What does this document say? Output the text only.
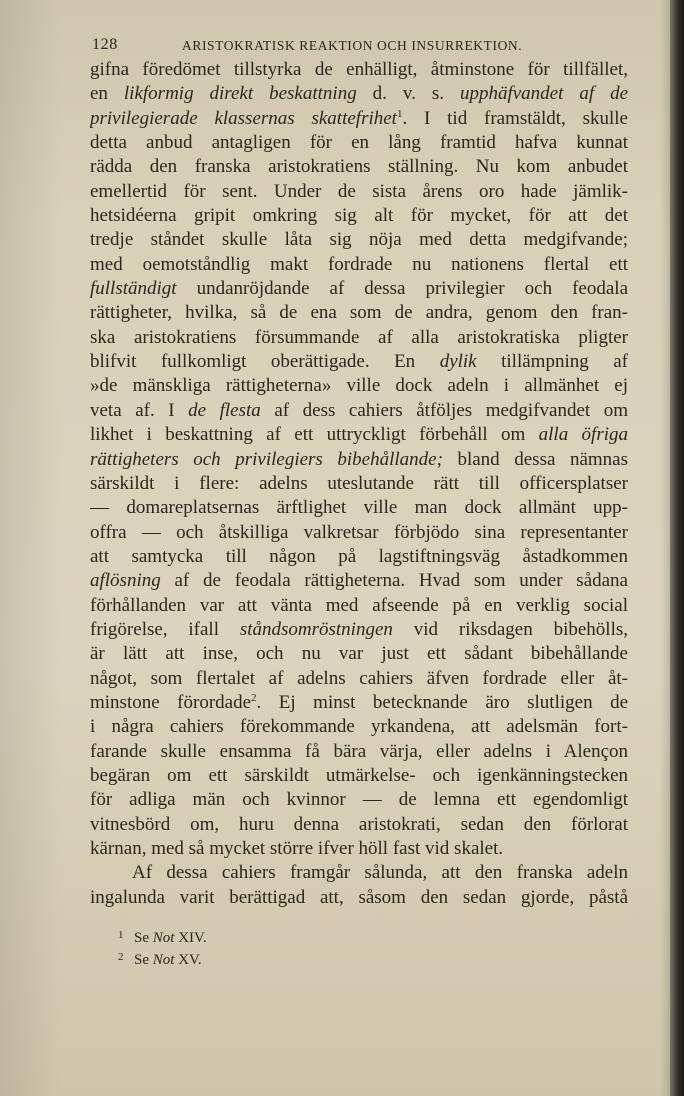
128	ARISTOKRATISK REAKTION OCH INSURREKTION.
gifna föredömet tillstyrka de enhälligt, åtminstone för tillfället,
en likformig direkt beskattning d. v. s. upphäfvandet af de
privilegierade klassernas skattefrihet$^1$. I tid framstäldt, skulle
detta anbud antagligen för en lång framtid hafva kunnat
rädda den franska aristokratiens ställning. Nu kom anbudet
emellertid för sent. Under de sista årens oro hade jämlik-
hetsidéerna gripit omkring sig alt för mycket, för att det
tredje ståndet skulle låta sig nöja med detta medgifvande;
med oemotståndlig makt fordrade nu nationens flertal ett
fullständigt undanröjdande af dessa privilegier och feodala
rättigheter, hvilka, så de ena som de andra, genom den fran-
ska aristokratiens försummande af alla aristokratiska pligter
blifvit fullkomligt oberättigade. En dylik tillämpning af
»de mänskliga rättigheterna» ville dock adeln i allmänhet ej
veta af. I de flesta af dess cahiers åtföljes medgifvandet om
likhet i beskattning af ett uttryckligt förbehåll om alla öfriga
rättigheters och privilegiers bibehållande; bland dessa nämnas
särskildt i flere: adelns uteslutande rätt till officersplatser
— domareplatsernas ärftlighet ville man dock allmänt upp-
offra — och åtskilliga valkretsar förbjödo sina representanter
att samtycka till någon på lagstiftningsväg åstadkommen
aflösning af de feodala rättigheterna. Hvad som under sådana
förhållanden var att vänta med afseende på en verklig social
frigörelse, ifall ståndsomröstningen vid riksdagen bibehölls,
är lätt att inse, och nu var just ett sådant bibehållande
något, som flertalet af adelns cahiers äfven fordrade eller åt-
minstone förordade$^2$. Ej minst betecknande äro slutligen de
i några cahiers förekommande yrkandena, att adelsmän fort-
farande skulle ensamma få bära värja, eller adelns i Alençon
begäran om ett särskildt utmärkelse- och igenkänningstecken
för adliga män och kvinnor — de lemna ett egendomligt
vitnesbörd om, huru denna aristokrati, sedan den förlorat
kärnan, med så mycket större ifver höll fast vid skalet.
Af dessa cahiers framgår sålunda, att den franska adeln
ingalunda varit berättigad att, såsom den sedan gjorde, påstå
1 Se Not XIV.
2 Se Not XV.
